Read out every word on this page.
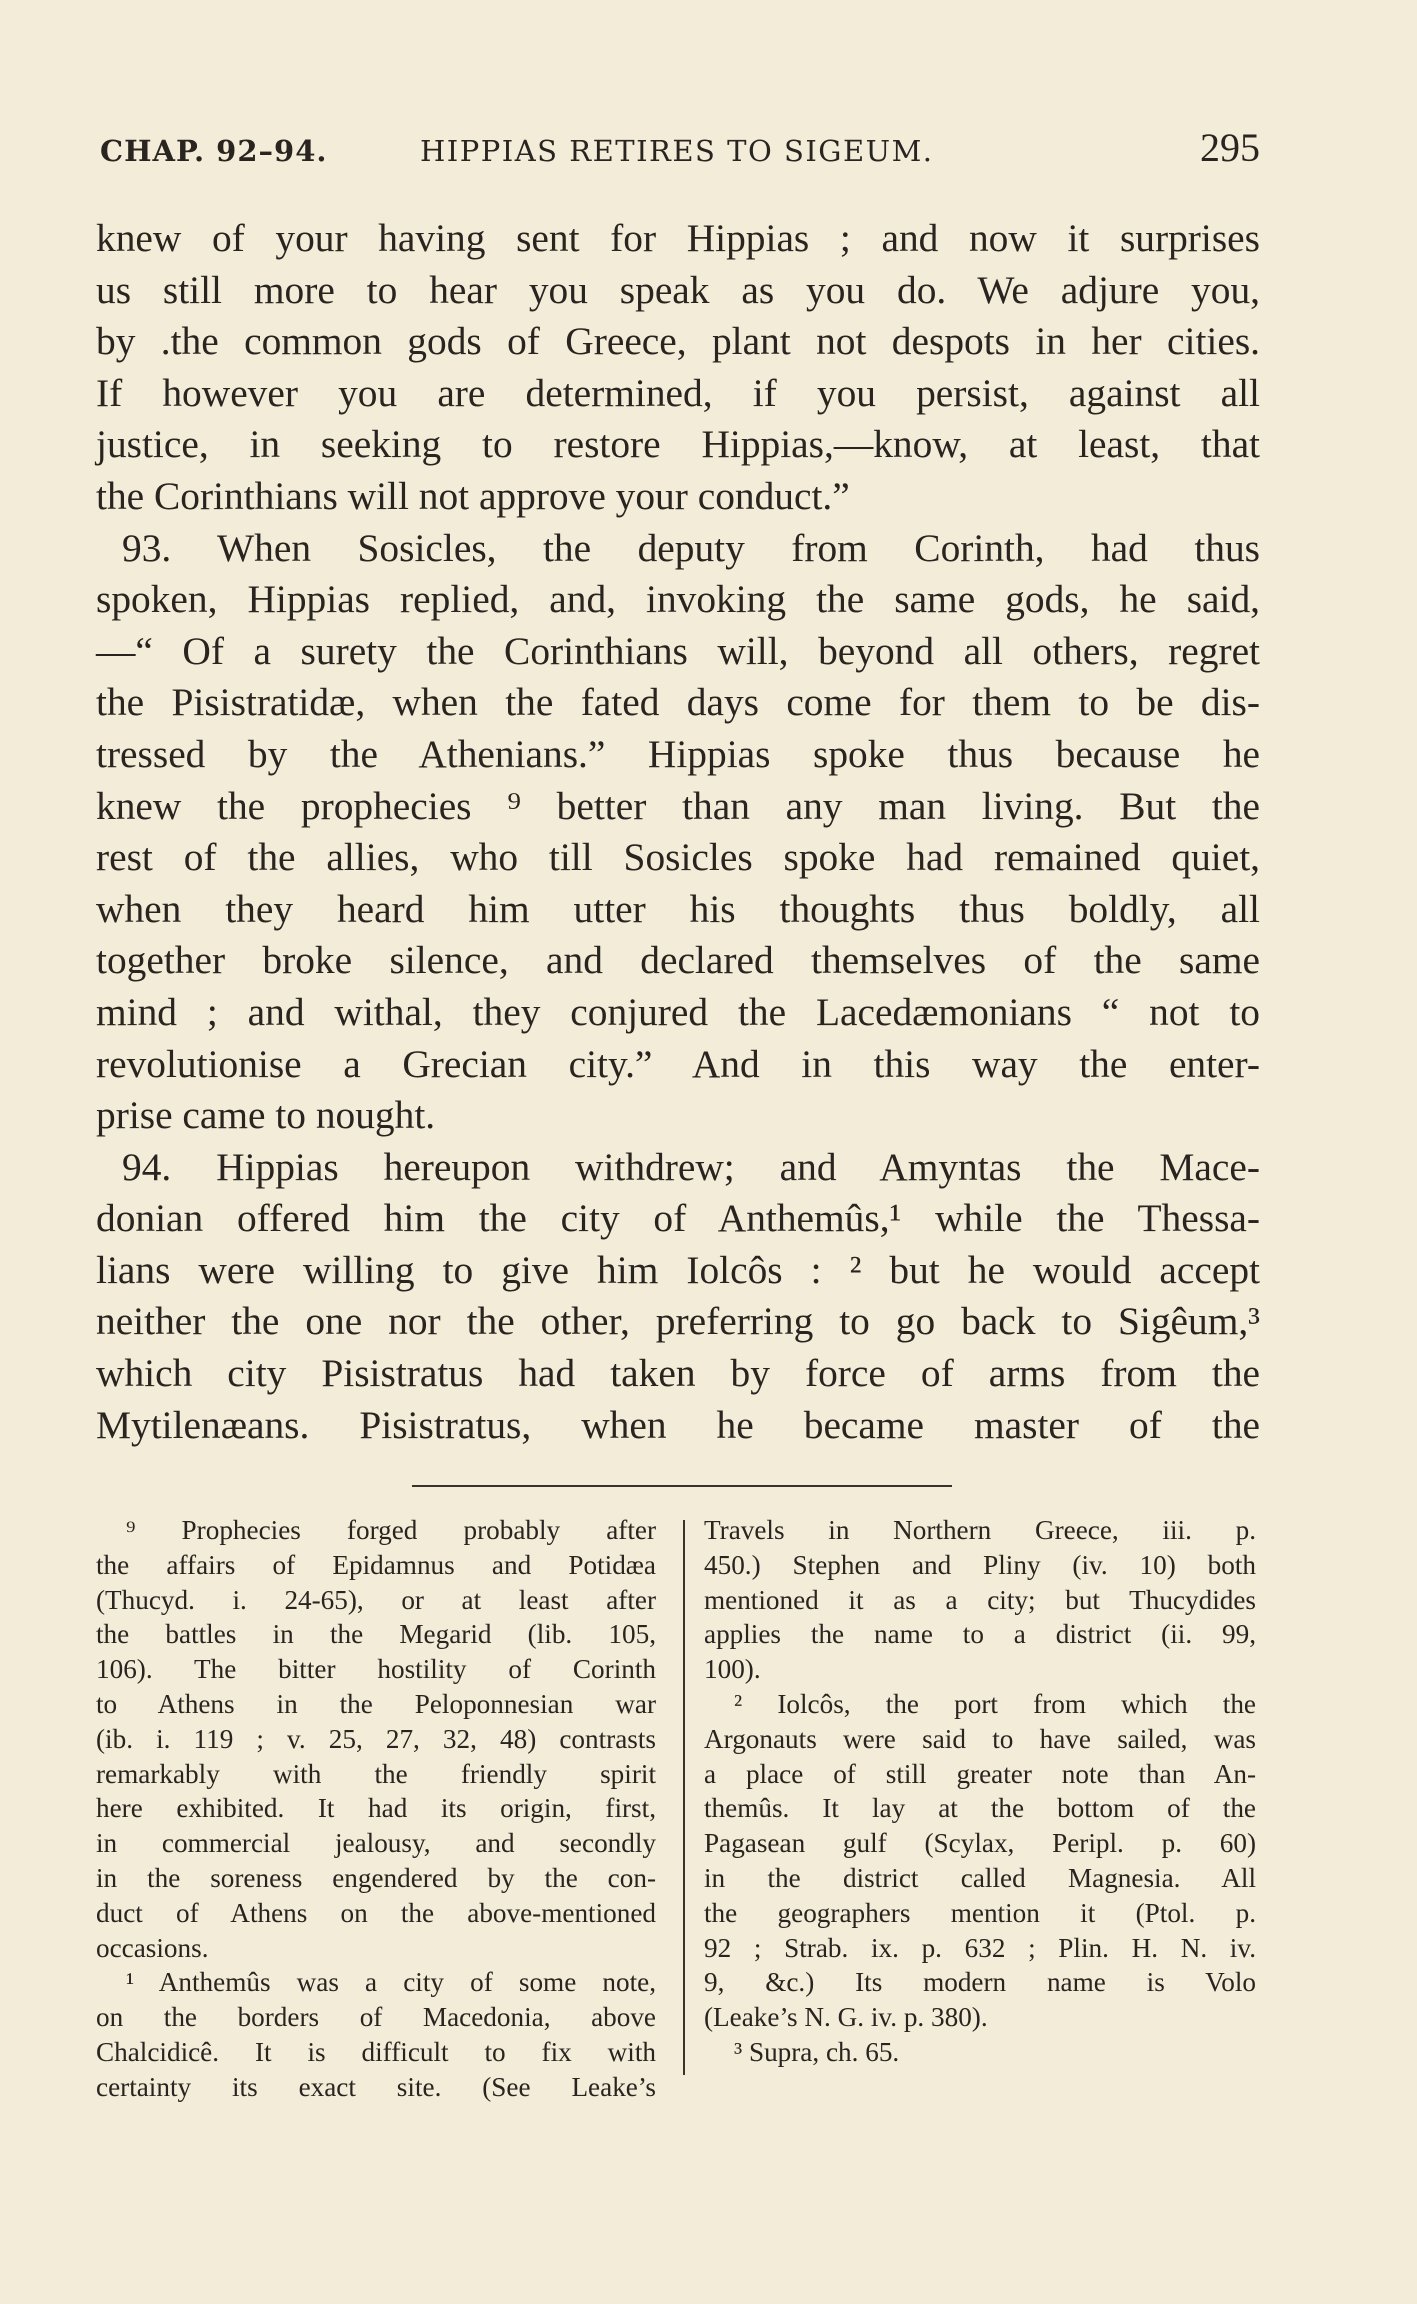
CHAP. 92–94.	HIPPIAS RETIRES TO SIGEUM.	295
knew of your having sent for Hippias ; and now it surprises
us still more to hear you speak as you do. We adjure you,
by .the common gods of Greece, plant not despots in her cities.
If however you are determined, if you persist, against all
justice, in seeking to restore Hippias,—know, at least, that
the Corinthians will not approve your conduct.”
93. When Sosicles, the deputy from Corinth, had thus
spoken, Hippias replied, and, invoking the same gods, he said,
—“ Of a surety the Corinthians will, beyond all others, regret
the Pisistratidæ, when the fated days come for them to be dis-
tressed by the Athenians.” Hippias spoke thus because he
knew the prophecies ⁹ better than any man living. But the
rest of the allies, who till Sosicles spoke had remained quiet,
when they heard him utter his thoughts thus boldly, all
together broke silence, and declared themselves of the same
mind ; and withal, they conjured the Lacedæmonians “ not to
revolutionise a Grecian city.” And in this way the enter-
prise came to nought.
94. Hippias hereupon withdrew; and Amyntas the Mace-
donian offered him the city of Anthemûs,¹ while the Thessa-
lians were willing to give him Iolcôs : ² but he would accept
neither the one nor the other, preferring to go back to Sigêum,³
which city Pisistratus had taken by force of arms from the
Mytilenæans. Pisistratus, when he became master of the
⁹ Prophecies forged probably after
the affairs of Epidamnus and Potidæa
(Thucyd. i. 24-65), or at least after
the battles in the Megarid (lib. 105,
106). The bitter hostility of Corinth
to Athens in the Peloponnesian war
(ib. i. 119 ; v. 25, 27, 32, 48) contrasts
remarkably with the friendly spirit
here exhibited. It had its origin, first,
in commercial jealousy, and secondly
in the soreness engendered by the con-
duct of Athens on the above-mentioned
occasions.
¹ Anthemûs was a city of some note,
on the borders of Macedonia, above
Chalcidicê. It is difficult to fix with
certainty its exact site. (See Leake’s
Travels in Northern Greece, iii. p.
450.) Stephen and Pliny (iv. 10) both
mentioned it as a city; but Thucydides
applies the name to a district (ii. 99,
100).
² Iolcôs, the port from which the
Argonauts were said to have sailed, was
a place of still greater note than An-
themûs. It lay at the bottom of the
Pagasean gulf (Scylax, Peripl. p. 60)
in the district called Magnesia. All
the geographers mention it (Ptol. p.
92 ; Strab. ix. p. 632 ; Plin. H. N. iv.
9, &c.) Its modern name is Volo
(Leake’s N. G. iv. p. 380).
³ Supra, ch. 65.
